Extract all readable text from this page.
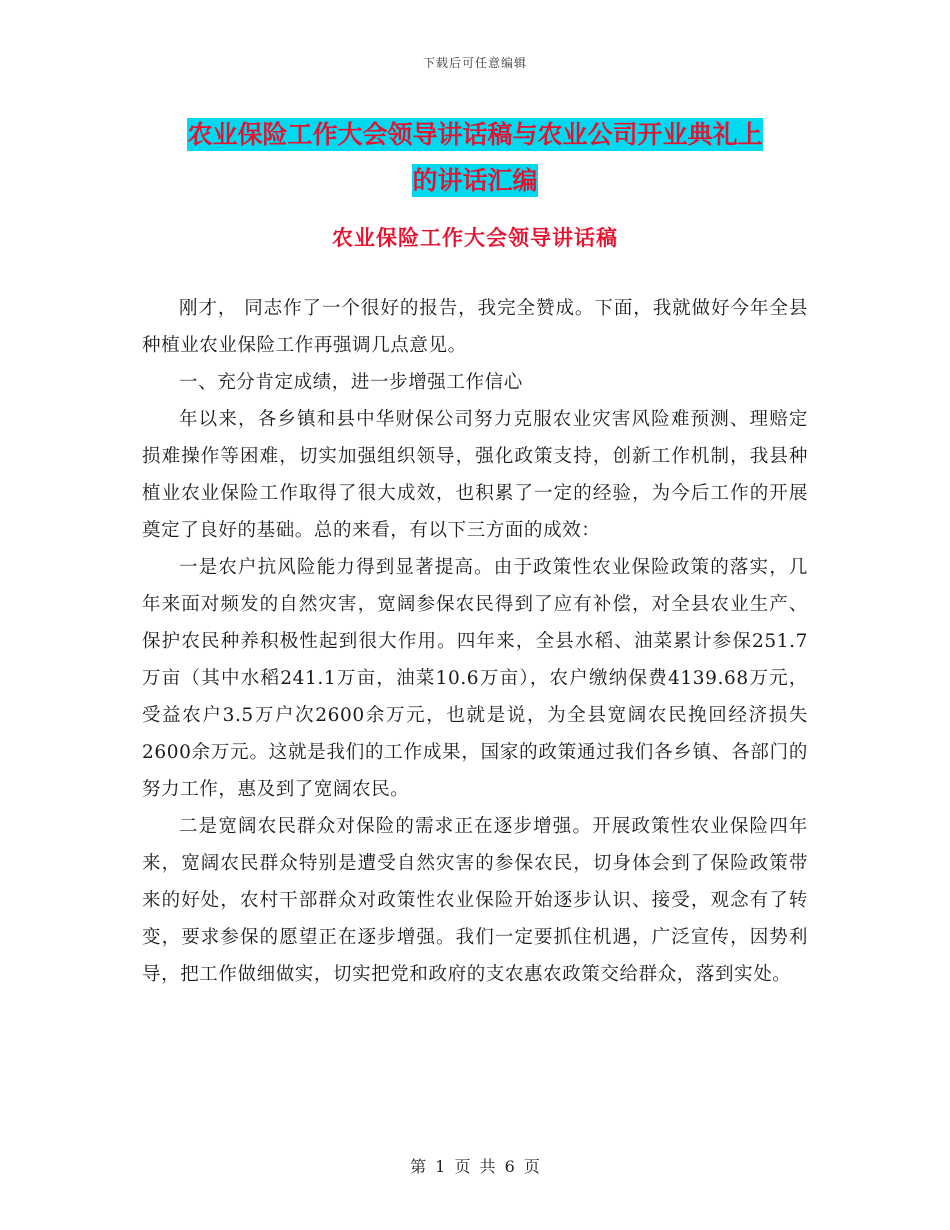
下载后可任意编辑
农业保险工作大会领导讲话稿与农业公司开业典礼上
的讲话汇编
农业保险工作大会领导讲话稿

刚才， 同志作了一个很好的报告，我完全赞成。下面，我就做好今年全县种植业农业保险工作再强调几点意见。

一、充分肯定成绩，进一步增强工作信心

年以来，各乡镇和县中华财保公司努力克服农业灾害风险难预测、理赔定损难操作等困难，切实加强组织领导，强化政策支持，创新工作机制，我县种植业农业保险工作取得了很大成效，也积累了一定的经验，为今后工作的开展奠定了良好的基础。总的来看，有以下三方面的成效：

一是农户抗风险能力得到显著提高。由于政策性农业保险政策的落实，几年来面对频发的自然灾害，宽阔参保农民得到了应有补偿，对全县农业生产、保护农民种养积极性起到很大作用。四年来，全县水稻、油菜累计参保251.7万亩（其中水稻241.1万亩，油菜10.6万亩），农户缴纳保费4139.68万元，受益农户3.5万户次2600余万元，也就是说，为全县宽阔农民挽回经济损失2600余万元。这就是我们的工作成果，国家的政策通过我们各乡镇、各部门的努力工作，惠及到了宽阔农民。

二是宽阔农民群众对保险的需求正在逐步增强。开展政策性农业保险四年来，宽阔农民群众特别是遭受自然灾害的参保农民，切身体会到了保险政策带来的好处，农村干部群众对政策性农业保险开始逐步认识、接受，观念有了转变，要求参保的愿望正在逐步增强。我们一定要抓住机遇，广泛宣传，因势利导，把工作做细做实，切实把党和政府的支农惠农政策交给群众，落到实处。

第 1 页 共 6 页
